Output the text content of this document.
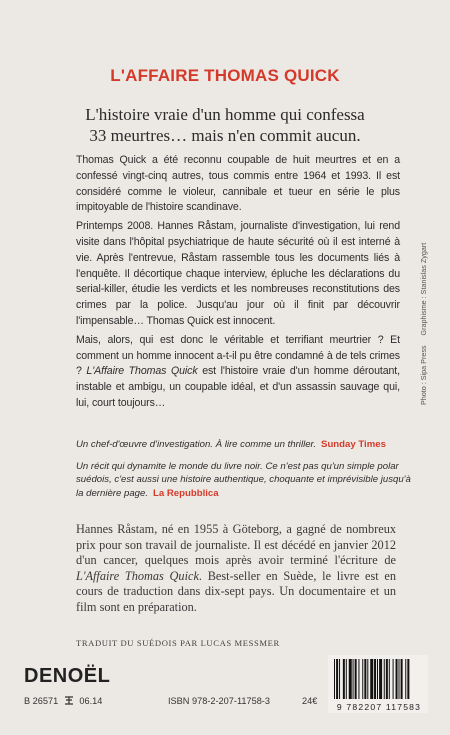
L'AFFAIRE THOMAS QUICK
L'histoire vraie d'un homme qui confessa
33 meurtres… mais n'en commit aucun.

Thomas Quick a été reconnu coupable de huit meurtres et en a confessé vingt-cinq autres, tous commis entre 1964 et 1993. Il est considéré comme le violeur, cannibale et tueur en série le plus impitoyable de l'histoire scandinave.

Printemps 2008. Hannes Råstam, journaliste d'investigation, lui rend visite dans l'hôpital psychiatrique de haute sécurité où il est interné à vie. Après l'entrevue, Råstam rassemble tous les documents liés à l'enquête. Il décortique chaque interview, épluche les déclarations du serial-killer, étudie les verdicts et les nombreuses reconstitutions des crimes par la police. Jusqu'au jour où il finit par découvrir l'impensable… Thomas Quick est innocent.

Mais, alors, qui est donc le véritable et terrifiant meurtrier ? Et comment un homme innocent a-t-il pu être condamné à de tels crimes ? L'Affaire Thomas Quick est l'histoire vraie d'un homme déroutant, instable et ambigu, un coupable idéal, et d'un assassin sauvage qui, lui, court toujours…

Un chef-d'œuvre d'investigation. À lire comme un thriller. Sunday Times
Un récit qui dynamite le monde du livre noir. Ce n'est pas qu'un simple polar suédois, c'est aussi une histoire authentique, choquante et imprévisible jusqu'à la dernière page. La Repubblica
Hannes Råstam, né en 1955 à Göteborg, a gagné de nombreux prix pour son travail de journaliste. Il est décédé en janvier 2012 d'un cancer, quelques mois après avoir terminé l'écriture de L'Affaire Thomas Quick. Best-seller en Suède, le livre est en cours de traduction dans dix-sept pays. Un documentaire et un film sont en préparation.
TRADUIT DU SUÉDOIS PAR LUCAS MESSMER
Photo : Sipa Press Graphisme : Stanislas Zygart
DENOËL
B 26571 06.14	ISBN 978-2-207-11758-3	24€
9 782207 117583
